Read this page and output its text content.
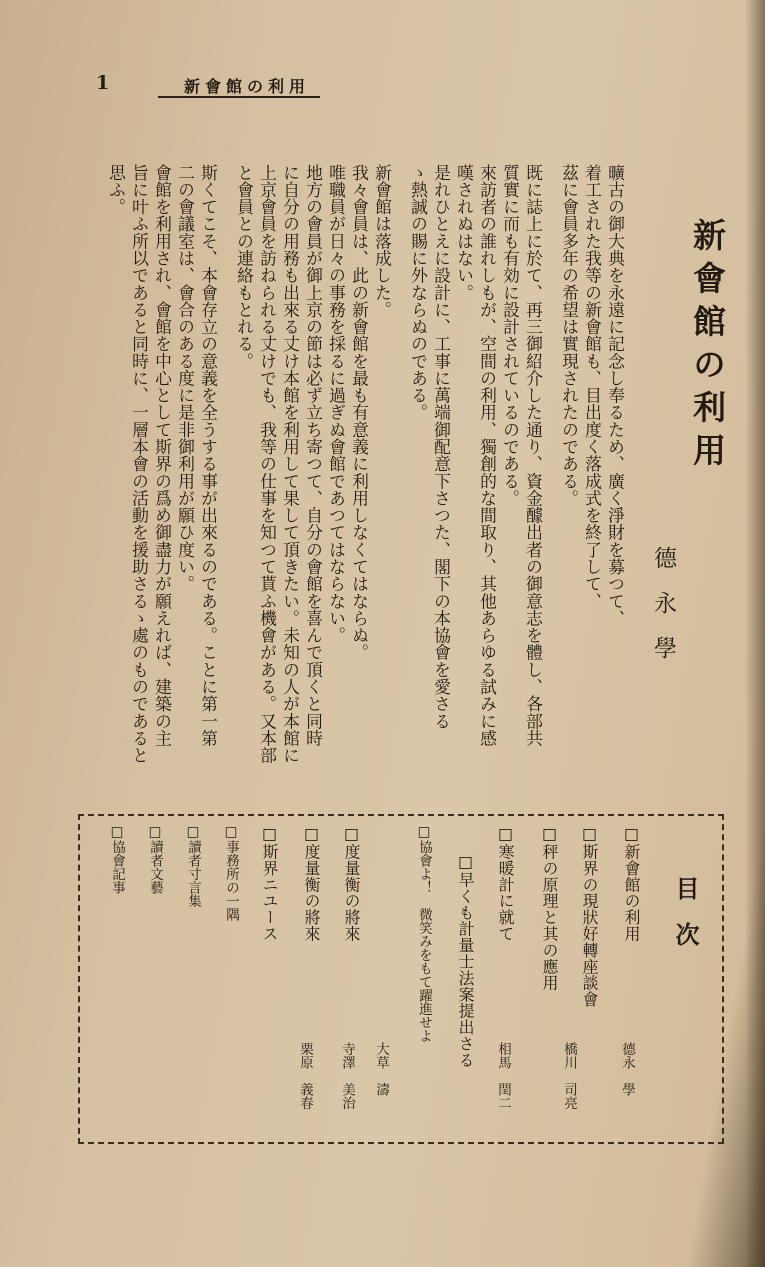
1	新會館の利用
新會館の利用
德永學
曠古の御大典を永遠に記念し奉るため、廣く淨財を募つて、
着工された我等の新會館も、目出度く落成式を終了して、
茲に會員多年の希望は實現されたのである。
既に誌上に於て、再三御紹介した通り、資金醵出者の御意志を體し、各部共
質實に而も有効に設計されているのである。
來訪者の誰れしもが、空間の利用、獨創的な間取り、其他あらゆる試みに感
嘆されぬはない。
是れひとえに設計に、工事に萬端御配意下さつた、閣下の本協會を愛さる
ゝ熱誠の賜に外ならぬのである。
新會館は落成した。
我々會員は、此の新會館を最も有意義に利用しなくてはならぬ。
唯職員が日々の事務を採るに過ぎぬ會館であつてはならない。
地方の會員が御上京の節は必ず立ち寄つて、自分の會館を喜んで頂くと同時
に自分の用務も出來る丈け本館を利用して果して頂きたい。未知の人が本館に
上京會員を訪ねられる丈けでも、我等の仕事を知つて貰ふ機會がある。又本部
と會員との連絡もとれる。
斯くてこそ、本會存立の意義を全うする事が出來るのである。ことに第一第
二の會議室は、會合のある度に是非御利用が願ひ度い。
會館を利用され、會館を中心として斯界の爲め御盡力が願えれば、建築の主
旨に叶ふ所以であると同時に、一層本會の活動を援助さるゝ處のものであると
思ふ。
目次
□新會館の利用
□斯界の現狀好轉座談會
□秤の原理と其の應用
□寒暖計に就て
□早くも計量士法案提出さる
□協會よ！　微笑みをもて躍進せよ
□度量衡の將來
□度量衡の將來
□斯界ニユース
□事務所の一隅
□讀者寸言集
□讀者文藝
□協會記事
德永　學
橋川　司亮
相馬　閏二
大草　濤
寺澤　美治
栗原　義春
